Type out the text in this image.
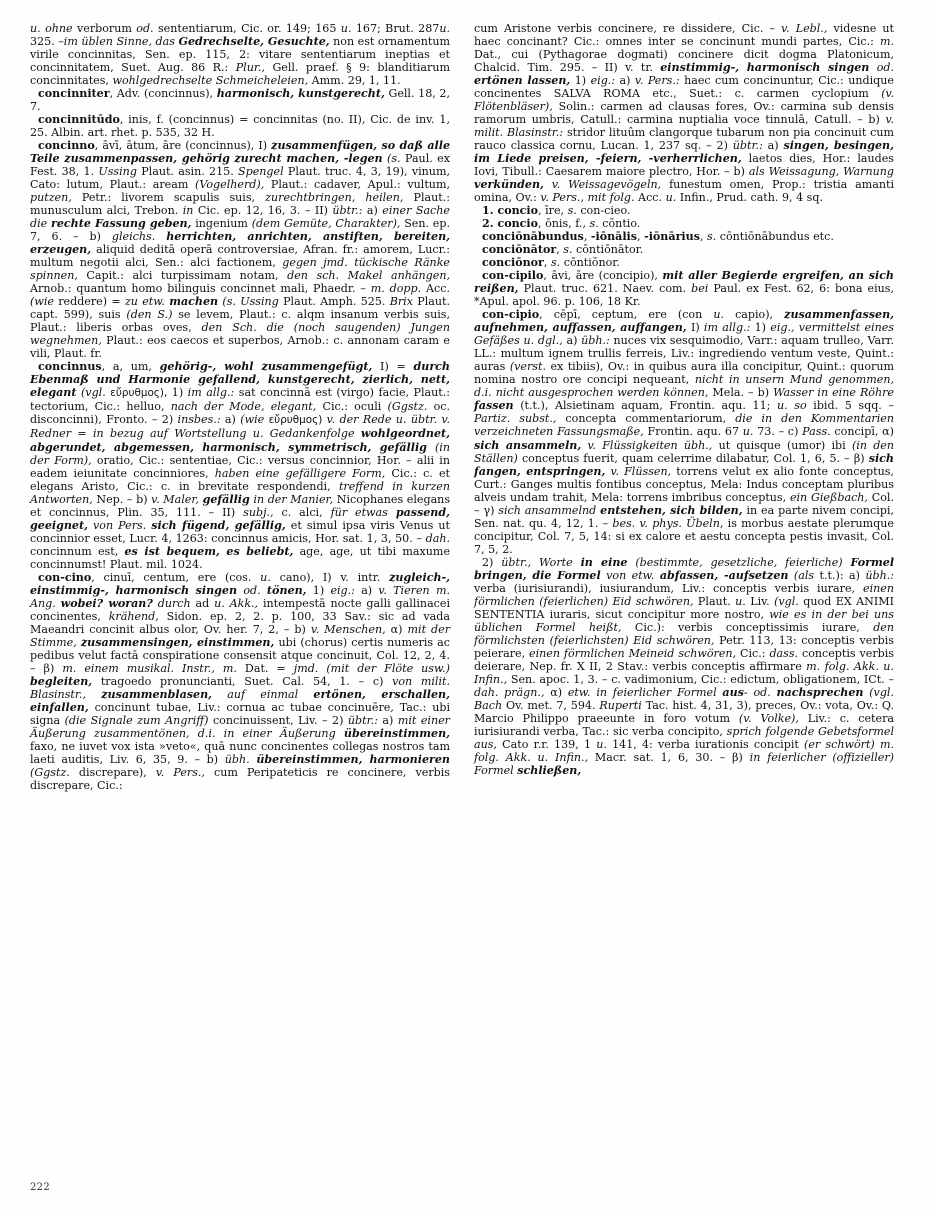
u. ohne verborum od. sententiarum, Cic. or. 149; 165 u. 167; Brut. 287u. 325. –im üblen Sinne, das Gedrechselte, Gesuchte, non est ornamentum virile concinnitas, Sen. ep. 115, 2: vitare sententiarum ineptias et concinnitatem, Suet. Aug. 86 R.: Plur., Gell. praef. § 9: blanditiarum concinnitates, wohlgedrechselte Schmeicheleien, Amm. 29, 1, 11.

concinniter, Adv. (concinnus), harmonisch, kunstgerecht, Gell. 18, 2, 7.

concinnitūdo, inis, f. (concinnus) = concinnitas (no. II), Cic. de inv. 1, 25. Albin. art. rhet. p. 535, 32 H.

concinno, āvī, ātum, āre (concinnus), I) zusammenfügen, so daß alle Teile zusammenpassen, gehörig zurecht machen, -legen (s. Paul. ex Fest. 38, 1. Ussing Plaut. asin. 215. Spengel Plaut. truc. 4, 3, 19), vinum, Cato: lutum, Plaut.: aream (Vogelherd), Plaut.: cadaver, Apul.: vultum, putzen, Petr.: livorem scapulis suis, zurechtbringen, heilen, Plaut.: munusculum alci, Trebon. in Cic. ep. 12, 16, 3. – II) übtr.: a) einer Sache die rechte Fassung geben, ingenium (dem Gemüte, Charakter), Sen. ep. 7, 6. – b) gleichs. herrichten, anrichten, anstiften, bereiten, erzeugen, aliquid deditā operā controversiae, Afran. fr.: amorem, Lucr.: multum negotii alci, Sen.: alci factionem, gegen jmd. tückische Ränke spinnen, Capit.: alci turpissimam notam, den sch. Makel anhängen, Arnob.: quantum homo bilinguis concinnet mali, Phaedr. – m. dopp. Acc. (wie reddere) = zu etw. machen (s. Ussing Plaut. Amph. 525. Brix Plaut. capt. 599), suis (den S.) se levem, Plaut.: c. alqm insanum verbis suis, Plaut.: liberis orbas oves, den Sch. die (noch saugenden) Jungen wegnehmen, Plaut.: eos caecos et superbos, Arnob.: c. annonam caram e vili, Plaut. fr.

concinnus, a, um, gehörig-, wohl zusammengefügt, I) = durch Ebenmaß und Harmonie gefallend, kunstgerecht, zierlich, nett, elegant (vgl. εὔρυθμος), 1) im allg.: sat concinnā est (virgo) facie, Plaut.: tectorium, Cic.: helluo, nach der Mode, elegant, Cic.: oculi (Ggstz. oc. disconcinni), Fronto. – 2) insbes.: a) (wie εὔρυθμος) v. der Rede u. übtr. v. Redner = in bezug auf Wortstellung u. Gedankenfolge wohlgeordnet, abgerundet, abgemessen, harmonisch, symmetrisch, gefällig (in der Form), oratio, Cic.: sententiae, Cic.: versus concinnior, Hor. – alii in eadem ieiunitate concinniores, haben eine gefälligere Form, Cic.: c. et elegans Aristo, Cic.: c. in brevitate respondendi, treffend in kurzen Antworten, Nep. – b) v. Maler, gefällig in der Manier, Nicophanes elegans et concinnus, Plin. 35, 111. – II) subj., c. alci, für etwas passend, geeignet, von Pers. sich fügend, gefällig, et simul ipsa viris Venus ut concinnior esset, Lucr. 4, 1263: concinnus amicis, Hor. sat. 1, 3, 50. – dah. concinnum est, es ist bequem, es beliebt, age, age, ut tibi maxume concinnumst! Plaut. mil. 1024.

con-cino, cinuī, centum, ere (cos. u. cano), I) v. intr. zugleich-, einstimmig-, harmonisch singen od. tönen, 1) eig.: a) v. Tieren m. Ang. wobei? woran? durch ad u. Akk., intempestā nocte galli gallinacei concinentes, krähend, Sidon. ep. 2, 2. p. 100, 33 Sav.: sic ad vada Maeandri concinit albus olor, Ov. her. 7, 2, – b) v. Menschen, α) mit der Stimme, zusammensingen, einstimmen, ubi (chorus) certis numeris ac pedibus velut factā conspiratione consensit atque concinuit, Col. 12, 2, 4. – β) m. einem musikal. Instr., m. Dat. = jmd. (mit der Flöte usw.) begleiten, tragoedo pronuncianti, Suet. Cal. 54, 1. – c) von milit. Blasinstr., zusammenblasen, auf einmal ertönen, erschallen, einfallen, concinunt tubae, Liv.: cornua ac tubae concinuēre, Tac.: ubi signa (die Signale zum Angriff) concinuissent, Liv. – 2) übtr.: a) mit einer Äußerung zusammentönen, d.i. in einer Äußerung übereinstimmen, faxo, ne iuvet vox ista »veto«, quā nunc concinentes collegas nostros tam laeti auditis, Liv. 6, 35, 9. – b) übh. übereinstimmen, harmonieren (Ggstz. discrepare), v. Pers., cum Peripateticis re concinere, verbis discrepare, Cic.:

cum Aristone verbis concinere, re dissidere, Cic. – v. Lebl., videsne ut haec concinant? Cic.: omnes inter se concinunt mundi partes, Cic.: m. Dat., cui (Pythagorae dogmati) concinere dicit dogma Platonicum, Chalcid. Tim. 295. – II) v. tr. einstimmig-, harmonisch singen od. ertönen lassen, 1) eig.: a) v. Pers.: haec cum concinuntur, Cic.: undique concinentes SALVA ROMA etc., Suet.: c. carmen cyclopium (v. Flötenbläser), Solin.: carmen ad clausas fores, Ov.: carmina sub densis ramorum umbris, Catull.: carmina nuptialia voce tinnulā, Catull. – b) v. milit. Blasinstr.: stridor lituûm clangorque tubarum non pia concinuit cum rauco classica cornu, Lucan. 1, 237 sq. – 2) übtr.: a) singen, besingen, im Liede preisen, -feiern, -verherrlichen, laetos dies, Hor.: laudes Iovi, Tibull.: Caesarem maiore plectro, Hor. – b) als Weissagung, Warnung verkünden, v. Weissagevögeln, funestum omen, Prop.: tristia amanti omina, Ov.: v. Pers., mit folg. Acc. u. Infin., Prud. cath. 9, 4 sq.

1. concio, īre, s. con-cieo.

2. concio, ōnis, f., s. cōntio.

conciōnābundus, -iōnālis, -iōnārius, s. cōntiōnābundus etc.

conciōnātor, s. cōntiōnātor.

conciōnor, s. cōntiōnor.

con-cipilo, āvi, āre (concipio), mit aller Begierde ergreifen, an sich reißen, Plaut. truc. 621. Naev. com. bei Paul. ex Fest. 62, 6: bona eius, *Apul. apol. 96. p. 106, 18 Kr.

con-cipio, cēpī, ceptum, ere (con u. capio), zusammenfassen, aufnehmen, auffassen, auffangen, I) im allg.: 1) eig., vermittelst eines Gefäßes u. dgl., a) übh.: nuces vix sesquimodio, Varr.: aquam trulleo, Varr. LL.: multum ignem trullis ferreis, Liv.: ingrediendo ventum veste, Quint.: auras (verst. ex tibiis), Ov.: in quibus aura illa concipitur, Quint.: quorum nomina nostro ore concipi nequeant, nicht in unsern Mund genommen, d.i. nicht ausgesprochen werden können, Mela. – b) Wasser in eine Röhre fassen (t.t.), Alsietinam aquam, Frontin. aqu. 11; u. so ibid. 5 sqq. – Partiz. subst., concepta commentariorum, die in den Kommentarien verzeichneten Fassungsmaße, Frontin. aqu. 67 u. 73. – c) Pass. concipī, α) sich ansammeln, v. Flüssigkeiten übh., ut quisque (umor) ibi (in den Ställen) conceptus fuerit, quam celerrime dilabatur, Col. 1, 6, 5. – β) sich fangen, entspringen, v. Flüssen, torrens velut ex alio fonte conceptus, Curt.: Ganges multis fontibus conceptus, Mela: Indus conceptam pluribus alveis undam trahit, Mela: torrens imbribus conceptus, ein Gießbach, Col. – γ) sich ansammelnd entstehen, sich bilden, in ea parte nivem concipi, Sen. nat. qu. 4, 12, 1. – bes. v. phys. Übeln, is morbus aestate plerumque concipitur, Col. 7, 5, 14: si ex calore et aestu concepta pestis invasit, Col. 7, 5, 2.

2) übtr., Worte in eine (bestimmte, gesetzliche, feierliche) Formel bringen, die Formel von etw. abfassen, -aufsetzen (als t.t.): a) übh.: verba (iurisiurandi), iusiurandum, Liv.: conceptis verbis iurare, einen förmlichen (feierlichen) Eid schwören, Plaut. u. Liv. (vgl. quod EX ANIMI SENTENTIA iuraris, sicut concipitur more nostro, wie es in der bei uns üblichen Formel heißt, Cic.): verbis conceptissimis iurare, den förmlichsten (feierlichsten) Eid schwören, Petr. 113, 13: conceptis verbis peierare, einen förmlichen Meineid schwören, Cic.: dass. conceptis verbis deierare, Nep. fr. X II, 2 Stav.: verbis conceptis affirmare m. folg. Akk. u. Infin., Sen. apoc. 1, 3. – c. vadimonium, Cic.: edictum, obligationem, ICt. – dah. prägn., α) etw. in feierlicher Formel aus- od. nachsprechen (vgl. Bach Ov. met. 7, 594. Ruperti Tac. hist. 4, 31, 3), preces, Ov.: vota, Ov.: Q. Marcio Philippo praeeunte in foro votum (v. Volke), Liv.: c. cetera iurisiurandi verba, Tac.: sic verba concipito, sprich folgende Gebetsformel aus, Cato r.r. 139, 1 u. 141, 4: verba iurationis concipit (er schwört) m. folg. Akk. u. Infin., Macr. sat. 1, 6, 30. – β) in feierlicher (offizieller) Formel schließen,

222
